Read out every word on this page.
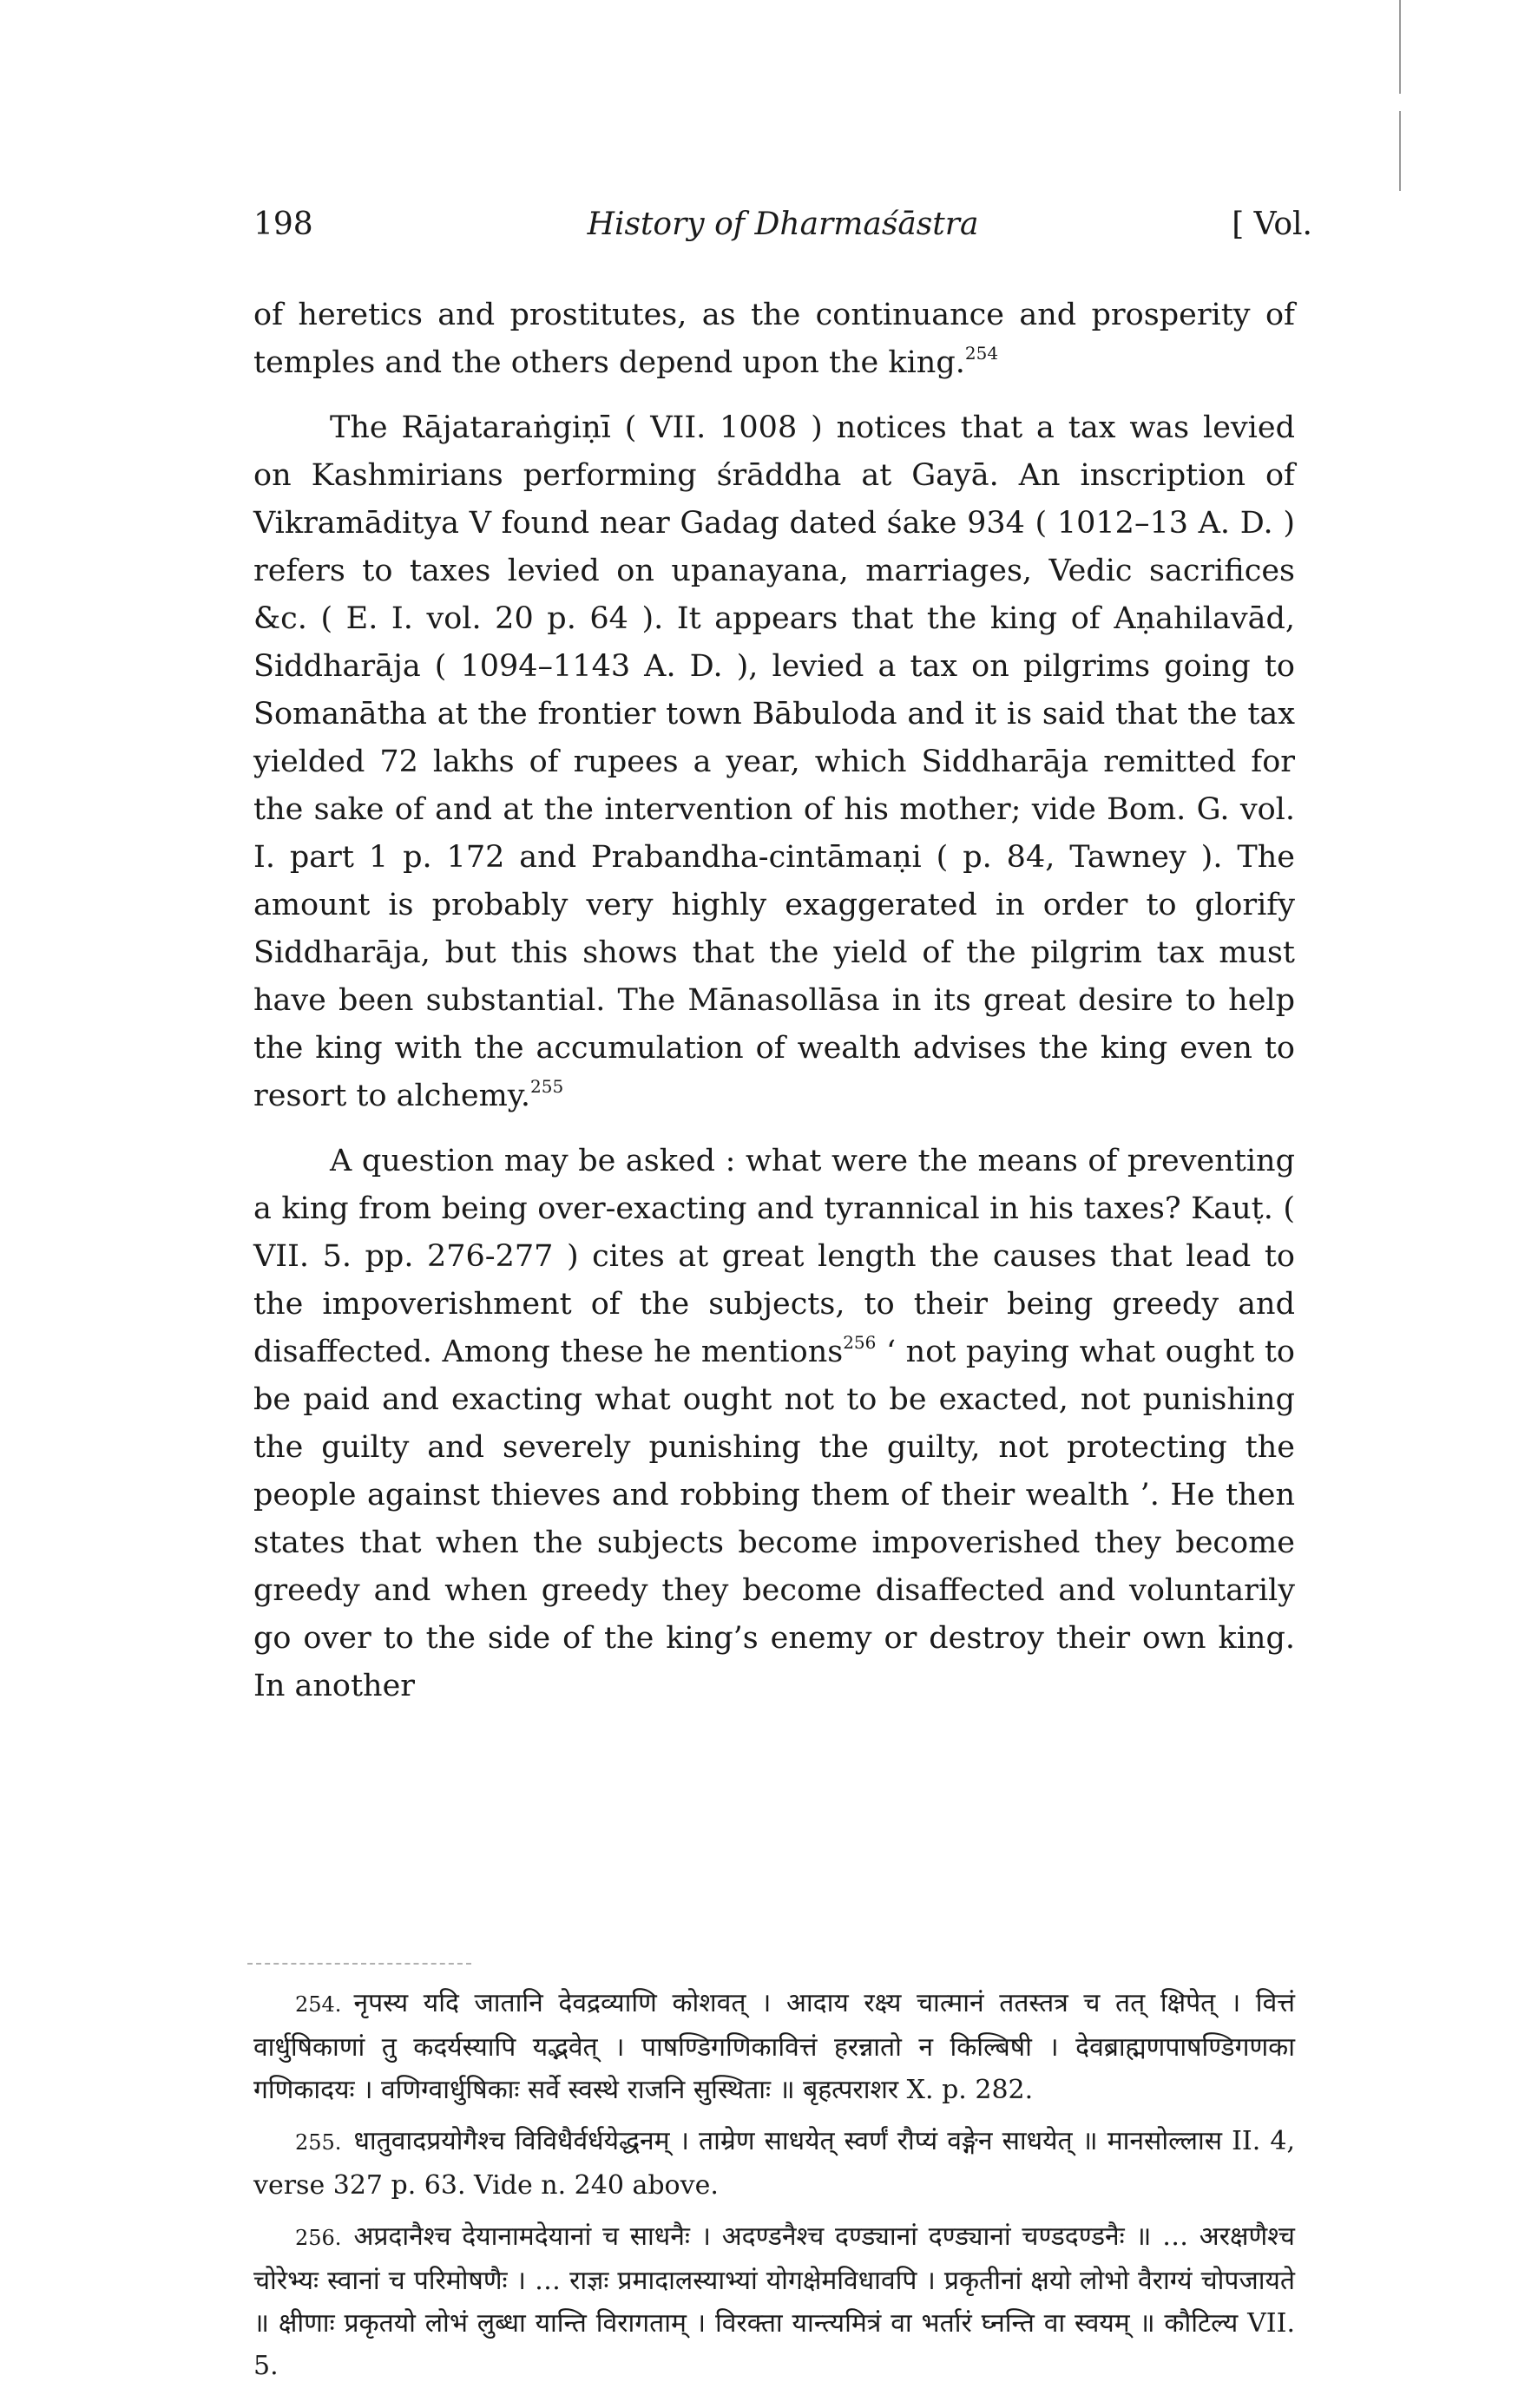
198	History of Dharmaśāstra	[ Vol.

of heretics and prostitutes, as the continuance and prosperity of temples and the others depend upon the king.$^{254}$

The Rājataraṅgiṇī ( VII. 1008 ) notices that a tax was levied on Kashmirians performing śrāddha at Gayā. An inscription of Vikramāditya V found near Gadag dated śake 934 ( 1012–13 A. D. ) refers to taxes levied on upanayana, marriages, Vedic sacrifices &c. ( E. I. vol. 20 p. 64 ). It appears that the king of Aṇahilavād, Siddharāja ( 1094–1143 A. D. ), levied a tax on pilgrims going to Somanātha at the frontier town Bābuloda and it is said that the tax yielded 72 lakhs of rupees a year, which Siddharāja remitted for the sake of and at the intervention of his mother; vide Bom. G. vol. I. part 1 p. 172 and Prabandha-cintāmaṇi ( p. 84, Tawney ). The amount is probably very highly exaggerated in order to glorify Siddharāja, but this shows that the yield of the pilgrim tax must have been substantial. The Mānasollāsa in its great desire to help the king with the accumulation of wealth advises the king even to resort to alchemy.$^{255}$

A question may be asked : what were the means of preventing a king from being over-exacting and tyrannical in his taxes? Kauṭ. ( VII. 5. pp. 276-277 ) cites at great length the causes that lead to the impoverishment of the subjects, to their being greedy and disaffected. Among these he mentions$^{256}$ ‘ not paying what ought to be paid and exacting what ought not to be exacted, not punishing the guilty and severely punishing the guilty, not protecting the people against thieves and robbing them of their wealth ’. He then states that when the subjects become impoverished they become greedy and when greedy they become disaffected and voluntarily go over to the side of the king’s enemy or destroy their own king. In another

254. नृपस्य यदि जातानि देवद्रव्याणि कोशवत् । आदाय रक्ष्य चात्मानं ततस्तत्र च तत् क्षिपेत् । वित्तं वार्धुषिकाणां तु कदर्यस्यापि यद्भवेत् । पाषण्डिगणिकावित्तं हरन्नातो न किल्बिषी । देवब्राह्मणपाषण्डिगणका गणिकादयः । वणिग्वार्धुषिकाः सर्वे स्वस्थे राजनि सुस्थिताः ॥ बृहत्पराशर X. p. 282.

255. धातुवादप्रयोगैश्च विविधैर्वर्धयेद्धनम् । ताम्रेण साधयेत् स्वर्णं रौप्यं वङ्गेन साधयेत् ॥ मानसोल्लास II. 4, verse 327 p. 63. Vide n. 240 above.

256. अप्रदानैश्च देयानामदेयानां च साधनैः । अदण्डनैश्च दण्ड्यानां दण्ड्यानां चण्डदण्डनैः ॥ … अरक्षणैश्च चोरेभ्यः स्वानां च परिमोषणैः । … राज्ञः प्रमादालस्याभ्यां योगक्षेमविधावपि । प्रकृतीनां क्षयो लोभो वैराग्यं चोपजायते ॥ क्षीणाः प्रकृतयो लोभं लुब्धा यान्ति विरागताम् । विरक्ता यान्त्यमित्रं वा भर्तारं घ्नन्ति वा स्वयम् ॥ कौटिल्य VII. 5.
